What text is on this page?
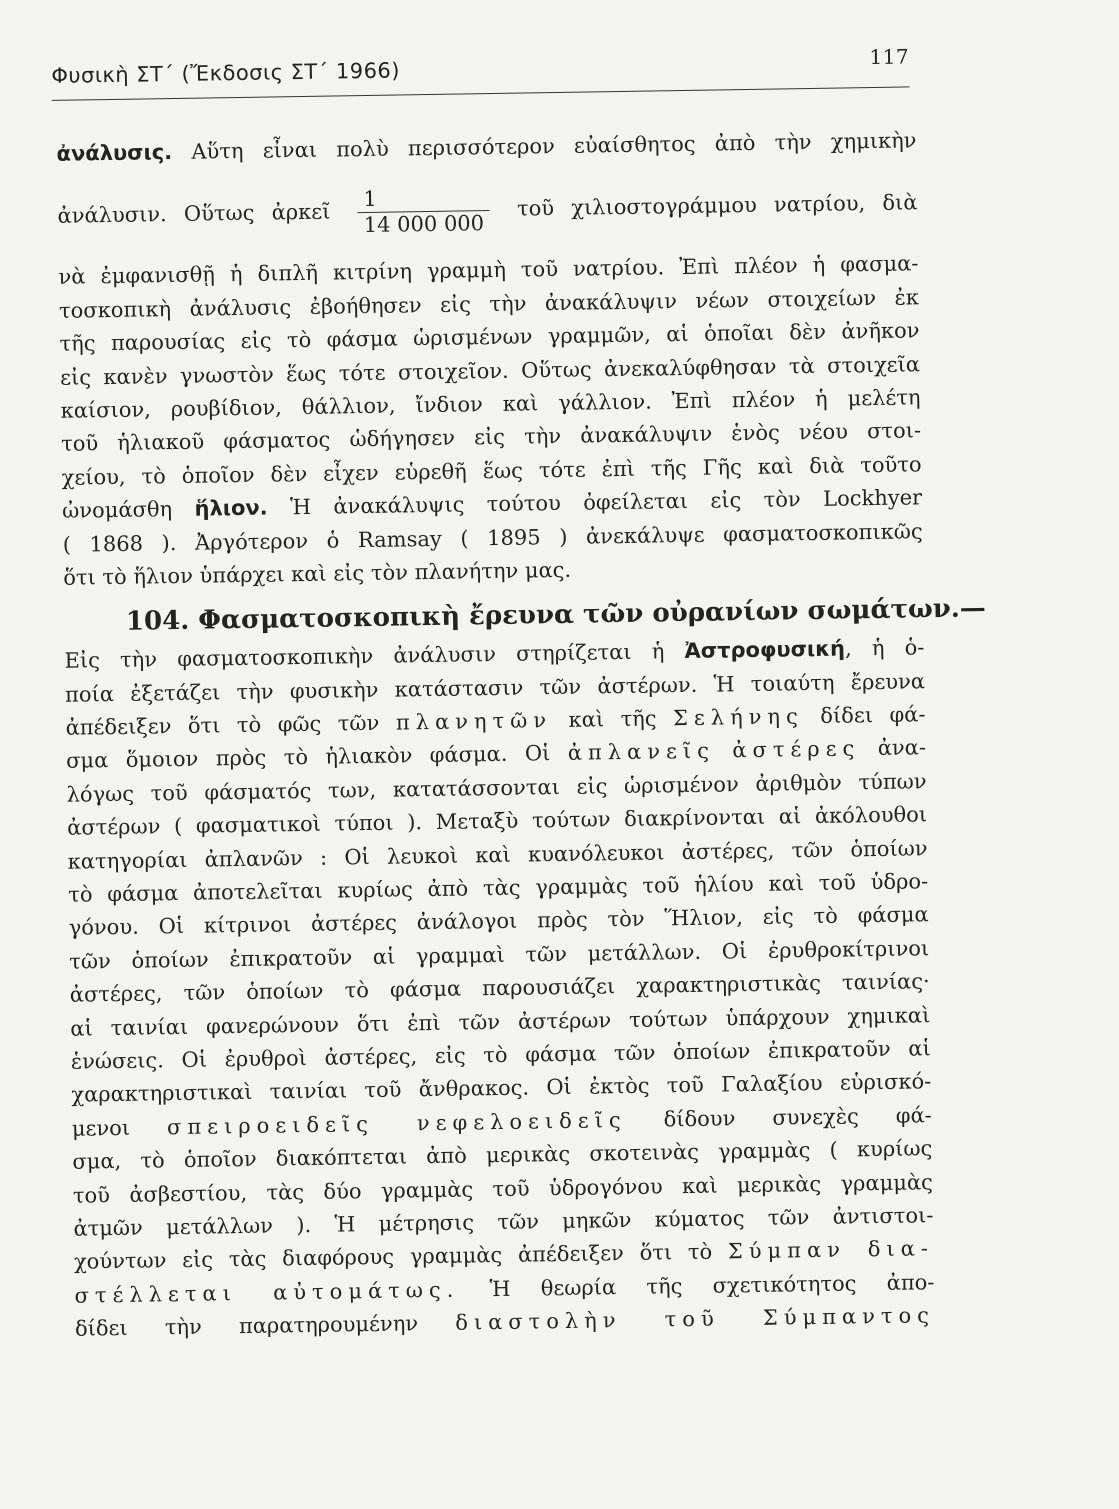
Φυσικὴ ΣΤ΄ (Ἔκδοσις ΣΤ΄ 1966)
117
ἀνάλυσις. Αὕτη εἶναι πολὺ περισσότερον εὐαίσθητος ἀπὸ τὴν χημικὴν
ἀνάλυσιν. Οὕτως ἀρκεῖ $\frac{1}{14 000 000}$ τοῦ χιλιοστογράμμου νατρίου, διὰ
νὰ ἐμφανισθῇ ἡ διπλῆ κιτρίνη γραμμὴ τοῦ νατρίου. Ἐπὶ πλέον ἡ φασμα-
τοσκοπικὴ ἀνάλυσις ἐβοήθησεν εἰς τὴν ἀνακάλυψιν νέων στοιχείων ἐκ
τῆς παρουσίας εἰς τὸ φάσμα ὡρισμένων γραμμῶν, αἱ ὁποῖαι δὲν ἀνῆκον
εἰς κανὲν γνωστὸν ἕως τότε στοιχεῖον. Οὕτως ἀνεκαλύφθησαν τὰ στοιχεῖα
καίσιον, ρουβίδιον, θάλλιον, ἴνδιον καὶ γάλλιον. Ἐπὶ πλέον ἡ μελέτη
τοῦ ἡλιακοῦ φάσματος ὡδήγησεν εἰς τὴν ἀνακάλυψιν ἑνὸς νέου στοι-
χείου, τὸ ὁποῖον δὲν εἶχεν εὑρεθῆ ἕως τότε ἐπὶ τῆς Γῆς καὶ διὰ τοῦτο
ὠνομάσθη ἥλιον. Ἡ ἀνακάλυψις τούτου ὀφείλεται εἰς τὸν Lockhyer
( 1868 ). Ἀργότερον ὁ Ramsay ( 1895 ) ἀνεκάλυψε φασματοσκοπικῶς
ὅτι τὸ ἥλιον ὑπάρχει καὶ εἰς τὸν πλανήτην μας.
104. Φασματοσκοπικὴ ἔρευνα τῶν οὐρανίων σωμάτων.—
Εἰς τὴν φασματοσκοπικὴν ἀνάλυσιν στηρίζεται ἡ Ἀστροφυσική, ἡ ὁ-
ποία ἐξετάζει τὴν φυσικὴν κατάστασιν τῶν ἀστέρων. Ἡ τοιαύτη ἔρευνα
ἀπέδειξεν ὅτι τὸ φῶς τῶν πλανητῶν καὶ τῆς Σελήνης δίδει φά-
σμα ὅμοιον πρὸς τὸ ἡλιακὸν φάσμα. Οἱ ἀπλανεῖς ἀστέρες ἀνα-
λόγως τοῦ φάσματός των, κατατάσσονται εἰς ὡρισμένον ἀριθμὸν τύπων
ἀστέρων ( φασματικοὶ τύποι ). Μεταξὺ τούτων διακρίνονται αἱ ἀκόλουθοι
κατηγορίαι ἀπλανῶν : Οἱ λευκοὶ καὶ κυανόλευκοι ἀστέρες, τῶν ὁποίων
τὸ φάσμα ἀποτελεῖται κυρίως ἀπὸ τὰς γραμμὰς τοῦ ἡλίου καὶ τοῦ ὑδρο-
γόνου. Οἱ κίτρινοι ἀστέρες ἀνάλογοι πρὸς τὸν Ἥλιον, εἰς τὸ φάσμα
τῶν ὁποίων ἐπικρατοῦν αἱ γραμμαὶ τῶν μετάλλων. Οἱ ἐρυθροκίτρινοι
ἀστέρες, τῶν ὁποίων τὸ φάσμα παρουσιάζει χαρακτηριστικὰς ταινίας·
αἱ ταινίαι φανερώνουν ὅτι ἐπὶ τῶν ἀστέρων τούτων ὑπάρχουν χημικαὶ
ἑνώσεις. Οἱ ἐρυθροὶ ἀστέρες, εἰς τὸ φάσμα τῶν ὁποίων ἐπικρατοῦν αἱ
χαρακτηριστικαὶ ταινίαι τοῦ ἄνθρακος. Οἱ ἐκτὸς τοῦ Γαλαξίου εὑρισκό-
μενοι σπειροειδεῖς νεφελοειδεῖς δίδουν συνεχὲς φά-
σμα, τὸ ὁποῖον διακόπτεται ἀπὸ μερικὰς σκοτεινὰς γραμμὰς ( κυρίως
τοῦ ἀσβεστίου, τὰς δύο γραμμὰς τοῦ ὑδρογόνου καὶ μερικὰς γραμμὰς
ἀτμῶν μετάλλων ). Ἡ μέτρησις τῶν μηκῶν κύματος τῶν ἀντιστοι-
χούντων εἰς τὰς διαφόρους γραμμὰς ἀπέδειξεν ὅτι τὸ Σύμπαν δια-
στέλλεται αὐτομάτως. Ἡ θεωρία τῆς σχετικότητος ἀπο-
δίδει τὴν παρατηρουμένην διαστολὴν τοῦ Σύμπαντος
